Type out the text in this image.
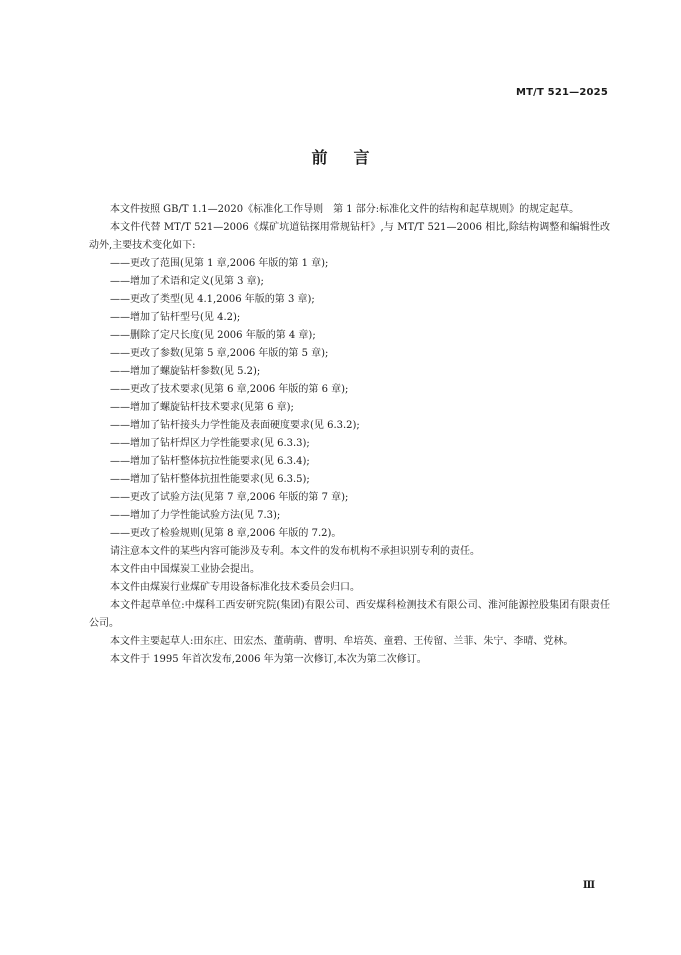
MT/T 521—2025
前言

本文件按照 GB/T 1.1—2020《标准化工作导则　第 1 部分:标准化文件的结构和起草规则》的规定起草。

本文件代替 MT/T 521—2006《煤矿坑道钻探用常规钻杆》,与 MT/T 521—2006 相比,除结构调整和编辑性改动外,主要技术变化如下:

——更改了范围(见第 1 章,2006 年版的第 1 章);
——增加了术语和定义(见第 3 章);
——更改了类型(见 4.1,2006 年版的第 3 章);
——增加了钻杆型号(见 4.2);
——删除了定尺长度(见 2006 年版的第 4 章);
——更改了参数(见第 5 章,2006 年版的第 5 章);
——增加了螺旋钻杆参数(见 5.2);
——更改了技术要求(见第 6 章,2006 年版的第 6 章);
——增加了螺旋钻杆技术要求(见第 6 章);
——增加了钻杆接头力学性能及表面硬度要求(见 6.3.2);
——增加了钻杆焊区力学性能要求(见 6.3.3);
——增加了钻杆整体抗拉性能要求(见 6.3.4);
——增加了钻杆整体抗扭性能要求(见 6.3.5);
——更改了试验方法(见第 7 章,2006 年版的第 7 章);
——增加了力学性能试验方法(见 7.3);
——更改了检验规则(见第 8 章,2006 年版的 7.2)。

请注意本文件的某些内容可能涉及专利。本文件的发布机构不承担识别专利的责任。

本文件由中国煤炭工业协会提出。

本文件由煤炭行业煤矿专用设备标准化技术委员会归口。

本文件起草单位:中煤科工西安研究院(集团)有限公司、西安煤科检测技术有限公司、淮河能源控股集团有限责任公司。

本文件主要起草人:田东庄、田宏杰、董萌萌、曹明、牟培英、童碧、王传留、兰菲、朱宁、李晴、党林。

本文件于 1995 年首次发布,2006 年为第一次修订,本次为第二次修订。

Ⅲ
